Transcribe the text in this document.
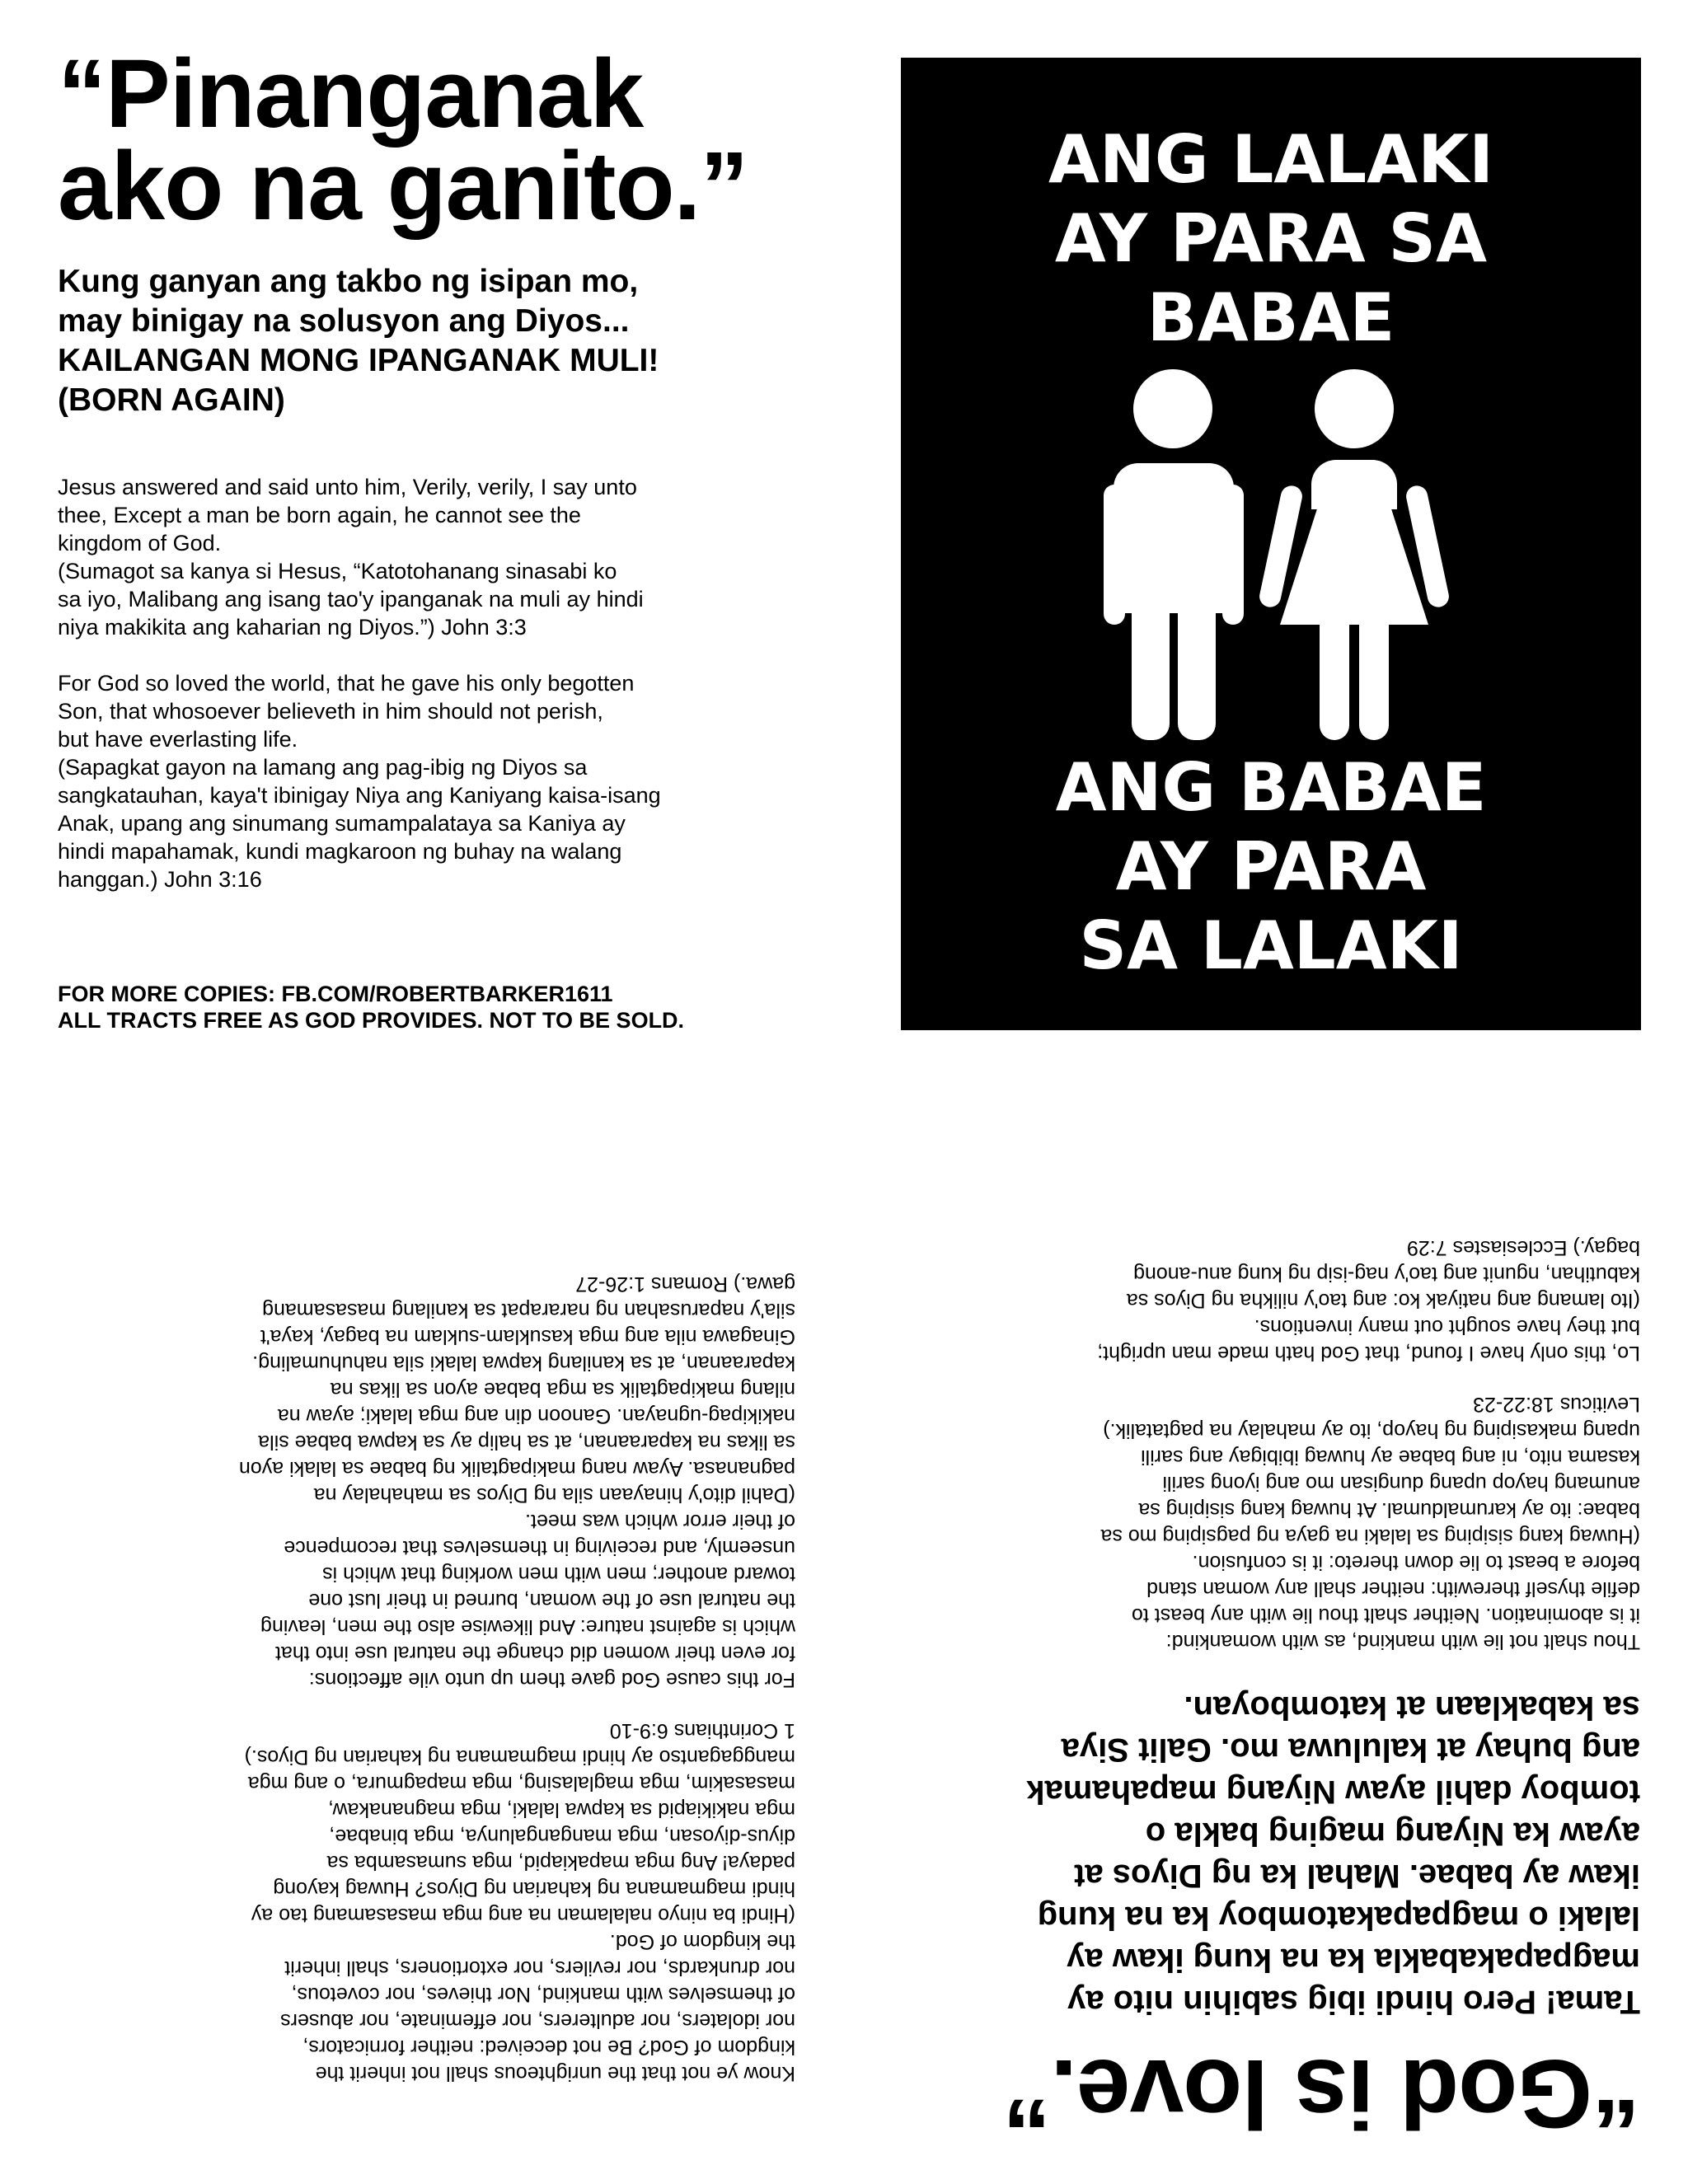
“Pinanganak
ako na ganito.”
Kung ganyan ang takbo ng isipan mo,
may binigay na solusyon ang Diyos...
KAILANGAN MONG IPANGANAK MULI!
(BORN AGAIN)

Jesus answered and said unto him, Verily, verily, I say unto

thee, Except a man be born again, he cannot see the

kingdom of God.

(Sumagot sa kanya si Hesus, “Katotohanang sinasabi ko

sa iyo, Malibang ang isang tao'y ipanganak na muli ay hindi

niya makikita ang kaharian ng Diyos.”) John 3:3

For God so loved the world, that he gave his only begotten

Son, that whosoever believeth in him should not perish,

but have everlasting life.

(Sapagkat gayon na lamang ang pag-ibig ng Diyos sa

sangkatauhan, kaya't ibinigay Niya ang Kaniyang kaisa-isang

Anak, upang ang sinumang sumampalataya sa Kaniya ay

hindi mapahamak, kundi magkaroon ng buhay na walang

hanggan.) John 3:16

FOR MORE COPIES: FB.COM/ROBERTBARKER1611
ALL TRACTS FREE AS GOD PROVIDES. NOT TO BE SOLD.
ANG LALAKI
AY PARA SA
BABAE
ANG BABAE
AY PARA
SA LALAKI
“God is love.”
Tama! Pero hindi ibig sabihin nito ay
magpapakabakla ka na kung ikaw ay
lalaki o magpapakatomboy ka na kung
ikaw ay babae. Mahal ka ng Diyos at
ayaw ka Niyang maging bakla o
tomboy dahil ayaw Niyang mapahamak
ang buhay at kaluluwa mo. Galit Siya
sa kabaklaan at katomboyan.

Thou shalt not lie with mankind, as with womankind:

it is abomination. Neither shalt thou lie with any beast to

defile thyself therewith: neither shall any woman stand

before a beast to lie down thereto: it is confusion.

(Huwag kang sisiping sa lalaki na gaya ng pagsiping mo sa

babae: ito ay karumaldumal. At huwag kang sisiping sa

anumang hayop upang dungisan mo ang iyong sarili

kasama nito, ni ang babae ay huwag ibibigay ang sarili

upang makasiping ng hayop, ito ay mahalay na pagtatalik.)

Leviticus 18:22-23

Lo, this only have I found, that God hath made man upright;

but they have sought out many inventions.

(Ito lamang ang natiyak ko: ang tao'y nilikha ng Diyos sa

kabutihan, ngunit ang tao'y nag-isip ng kung anu-anong

bagay.) Ecclesiastes 7:29

Know ye not that the unrighteous shall not inherit the

kingdom of God? Be not deceived: neither fornicators,

nor idolaters, nor adulterers, nor effeminate, nor abusers

of themselves with mankind, Nor thieves, nor covetous,

nor drunkards, nor revilers, nor extortioners, shall inherit

the kingdom of God.

(Hindi ba ninyo nalalaman na ang mga masasamang tao ay

hindi magmamana ng kaharian ng Diyos? Huwag kayong

padaya! Ang mga mapakiapid, mga sumasamba sa

diyus-diyosan, mga mangangalunya, mga binabae,

mga nakikiapid sa kapwa lalaki, mga magnanakaw,

masasakim, mga maglalasing, mga mapagmura, o ang mga

manggagantso ay hindi magmamana ng kaharian ng Diyos.)

1 Corinthians 6:9-10

For this cause God gave them up unto vile affections:

for even their women did change the natural use into that

which is against nature: And likewise also the men, leaving

the natural use of the woman, burned in their lust one

toward another; men with men working that which is

unseemly, and receiving in themselves that recompence

of their error which was meet.

(Dahil dito'y hinayaan sila ng Diyos sa mahahalay na

pagnanasa. Ayaw nang makipagtalik ng babae sa lalaki ayon

sa likas na kaparaanan, at sa halip ay sa kapwa babae sila

nakikipag-ugnayan. Ganoon din ang mga lalaki; ayaw na

nilang makipagtalik sa mga babae ayon sa likas na

kaparaanan, at sa kanilang kapwa lalaki sila nahuhumaling.

Ginagawa nila ang mga kasuklam-suklam na bagay, kaya't

sila'y naparusahan ng nararapat sa kanilang masasamang

gawa.) Romans 1:26-27
